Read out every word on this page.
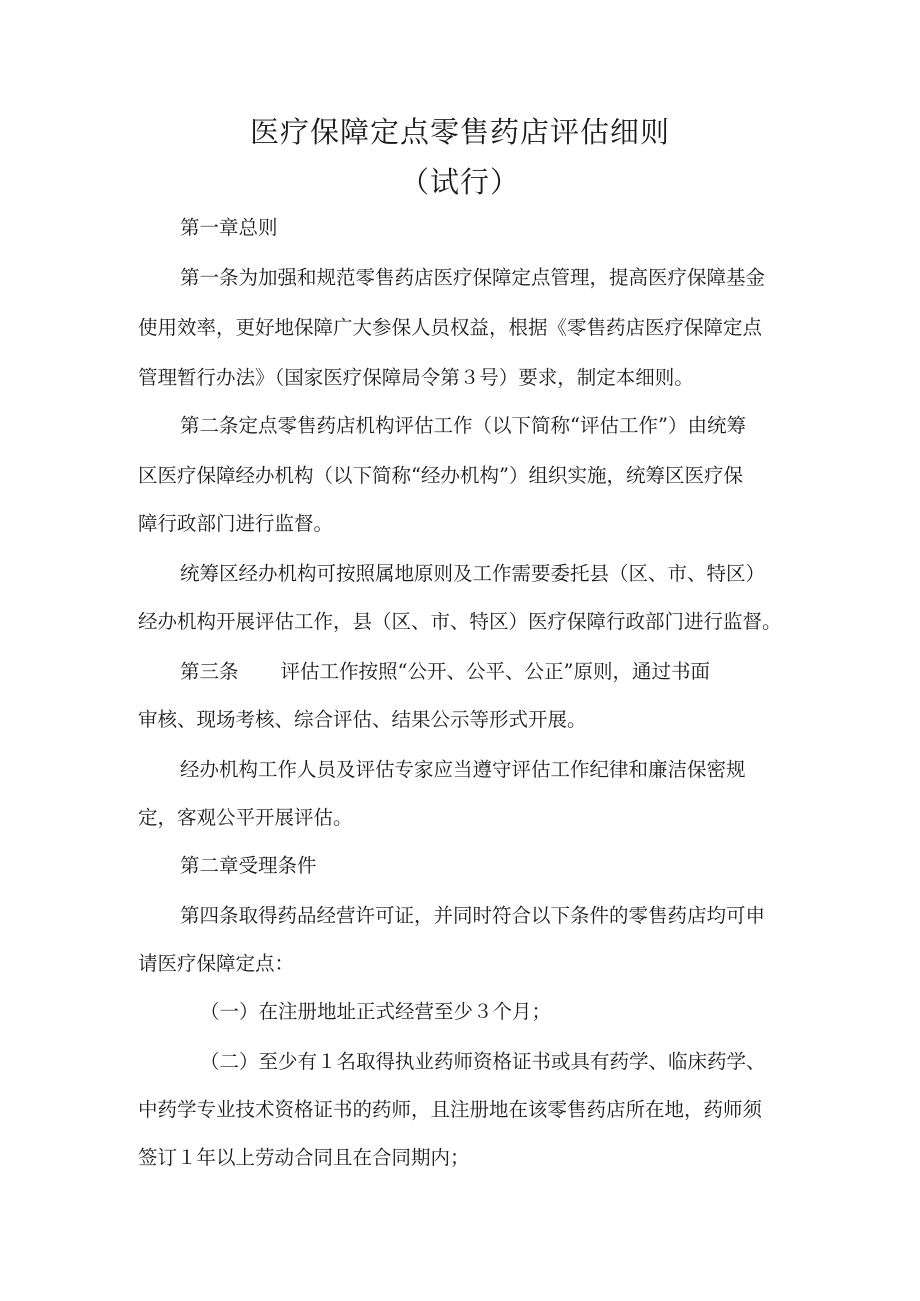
医疗保障定点零售药店评估细则
（试行）
第一章总则
第一条为加强和规范零售药店医疗保障定点管理，提高医疗保障基金
使用效率，更好地保障广大参保人员权益，根据《零售药店医疗保障定点
管理暂行办法》（国家医疗保障局令第３号）要求，制定本细则。
第二条定点零售药店机构评估工作（以下简称“评估工作”）由统筹
区医疗保障经办机构（以下简称“经办机构”）组织实施，统筹区医疗保
障行政部门进行监督。
统筹区经办机构可按照属地原则及工作需要委托县（区、市、特区）
经办机构开展评估工作，县（区、市、特区）医疗保障行政部门进行监督。
第三条 评估工作按照“公开、公平、公正”原则，通过书面
审核、现场考核、综合评估、结果公示等形式开展。
经办机构工作人员及评估专家应当遵守评估工作纪律和廉洁保密规
定，客观公平开展评估。
第二章受理条件
第四条取得药品经营许可证，并同时符合以下条件的零售药店均可申
请医疗保障定点：
（一）在注册地址正式经营至少３个月；
（二）至少有１名取得执业药师资格证书或具有药学、临床药学、
中药学专业技术资格证书的药师，且注册地在该零售药店所在地，药师须
签订１年以上劳动合同且在合同期内；
